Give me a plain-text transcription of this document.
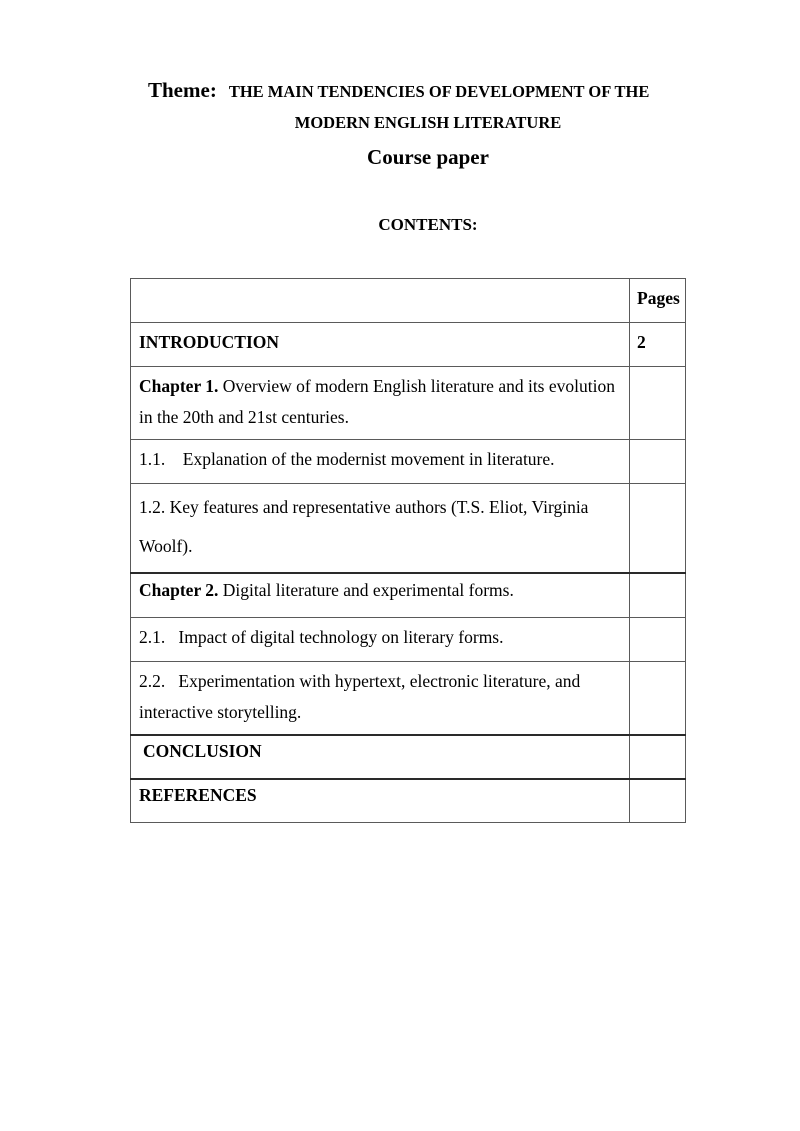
Theme: THE MAIN TENDENCIES OF DEVELOPMENT OF THE
MODERN ENGLISH LITERATURE
Course paper
CONTENTS:
	Pages
INTRODUCTION	2
Chapter 1. Overview of modern English literature and its evolution in the 20th and 21st centuries.	
1.1.    Explanation of the modernist movement in literature.	
1.2. Key features and representative authors (T.S. Eliot, Virginia Woolf).	
Chapter 2. Digital literature and experimental forms.	
2.1.   Impact of digital technology on literary forms.	
2.2.   Experimentation with hypertext, electronic literature, and interactive storytelling.	
CONCLUSION	
REFERENCES	
